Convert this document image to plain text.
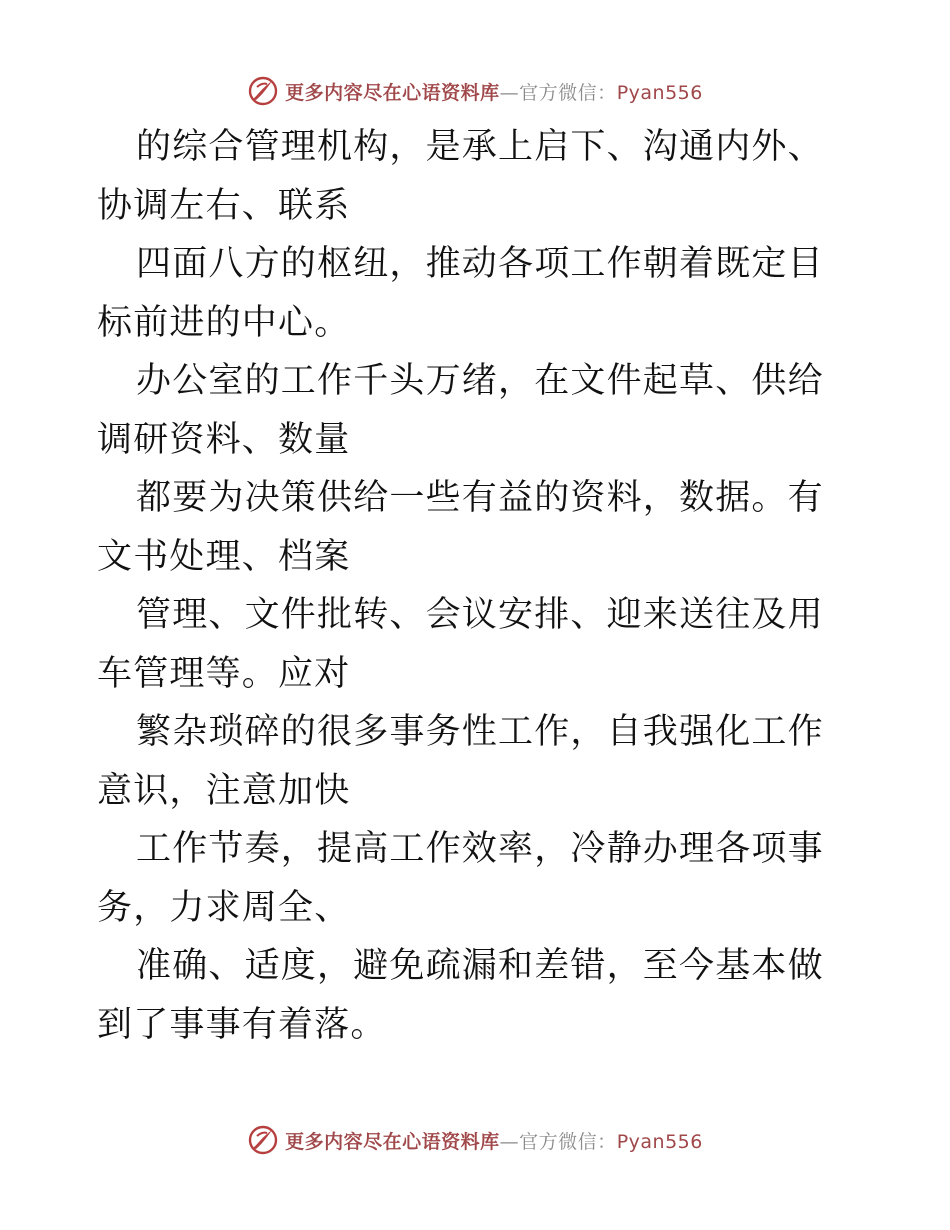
更多内容尽在心语资料库—官方微信：Pyan556

的综合管理机构，是承上启下、沟通内外、协调左右、联系

四面八方的枢纽，推动各项工作朝着既定目标前进的中心。

办公室的工作千头万绪，在文件起草、供给调研资料、数量

都要为决策供给一些有益的资料，数据。有文书处理、档案

管理、文件批转、会议安排、迎来送往及用车管理等。应对

繁杂琐碎的很多事务性工作，自我强化工作意识，注意加快

工作节奏，提高工作效率，冷静办理各项事务，力求周全、

准确、适度，避免疏漏和差错，至今基本做到了事事有着落。

更多内容尽在心语资料库—官方微信：Pyan556
